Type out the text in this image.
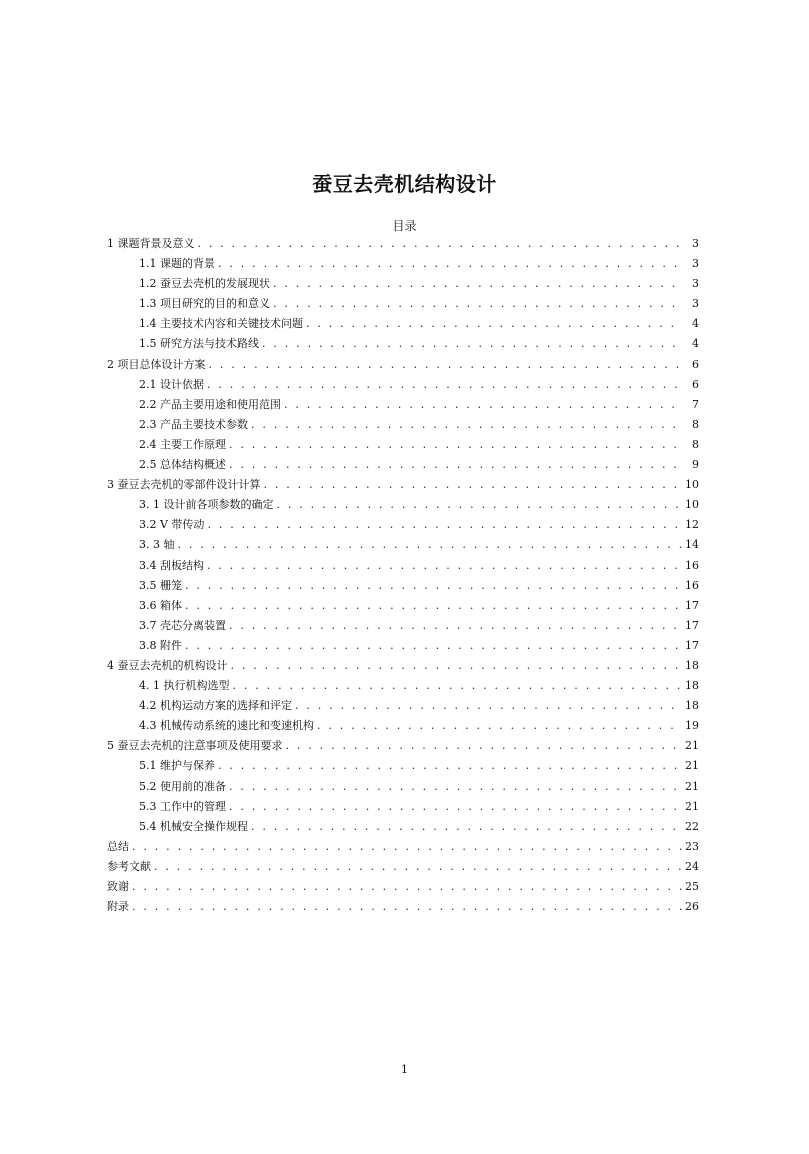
蚕豆去壳机结构设计
目录
1 课题背景及意义 . . .	3
1.1 课题的背景 . . .	3
1.2 蚕豆去壳机的发展现状 . . .	3
1.3 项目研究的目的和意义 . . .	3
1.4 主要技术内容和关键技术问题 . . .	4
1.5 研究方法与技术路线 . . .	4
2 项目总体设计方案 . . .	6
2.1 设计依据 . . .	6
2.2 产品主要用途和使用范围 . . .	7
2.3 产品主要技术参数 . . .	8
2.4 主要工作原理 . . .	8
2.5 总体结构概述 . . .	9
3 蚕豆去壳机的零部件设计计算 . . .	10
3. 1 设计前各项参数的确定 . . .	10
3.2 V 带传动 . . .	12
3. 3 轴 . . .	14
3.4 刮板结构 . . .	16
3.5 栅笼 . . .	16
3.6 箱体 . . .	17
3.7 壳芯分离装置 . . .	17
3.8 附件 . . .	17
4 蚕豆去壳机的机构设计 . . .	18
4. 1 执行机构选型 . . .	18
4.2 机构运动方案的选择和评定 . . .	18
4.3 机械传动系统的速比和变速机构 . . .	19
5 蚕豆去壳机的注意事项及使用要求 . . .	21
5.1 维护与保养 . . .	21
5.2 使用前的准备 . . .	21
5.3 工作中的管理 . . .	21
5.4 机械安全操作规程 . . .	22
总结 . . .	23
参考文献 . . .	24
致谢 . . .	25
附录 . . .	26
1
